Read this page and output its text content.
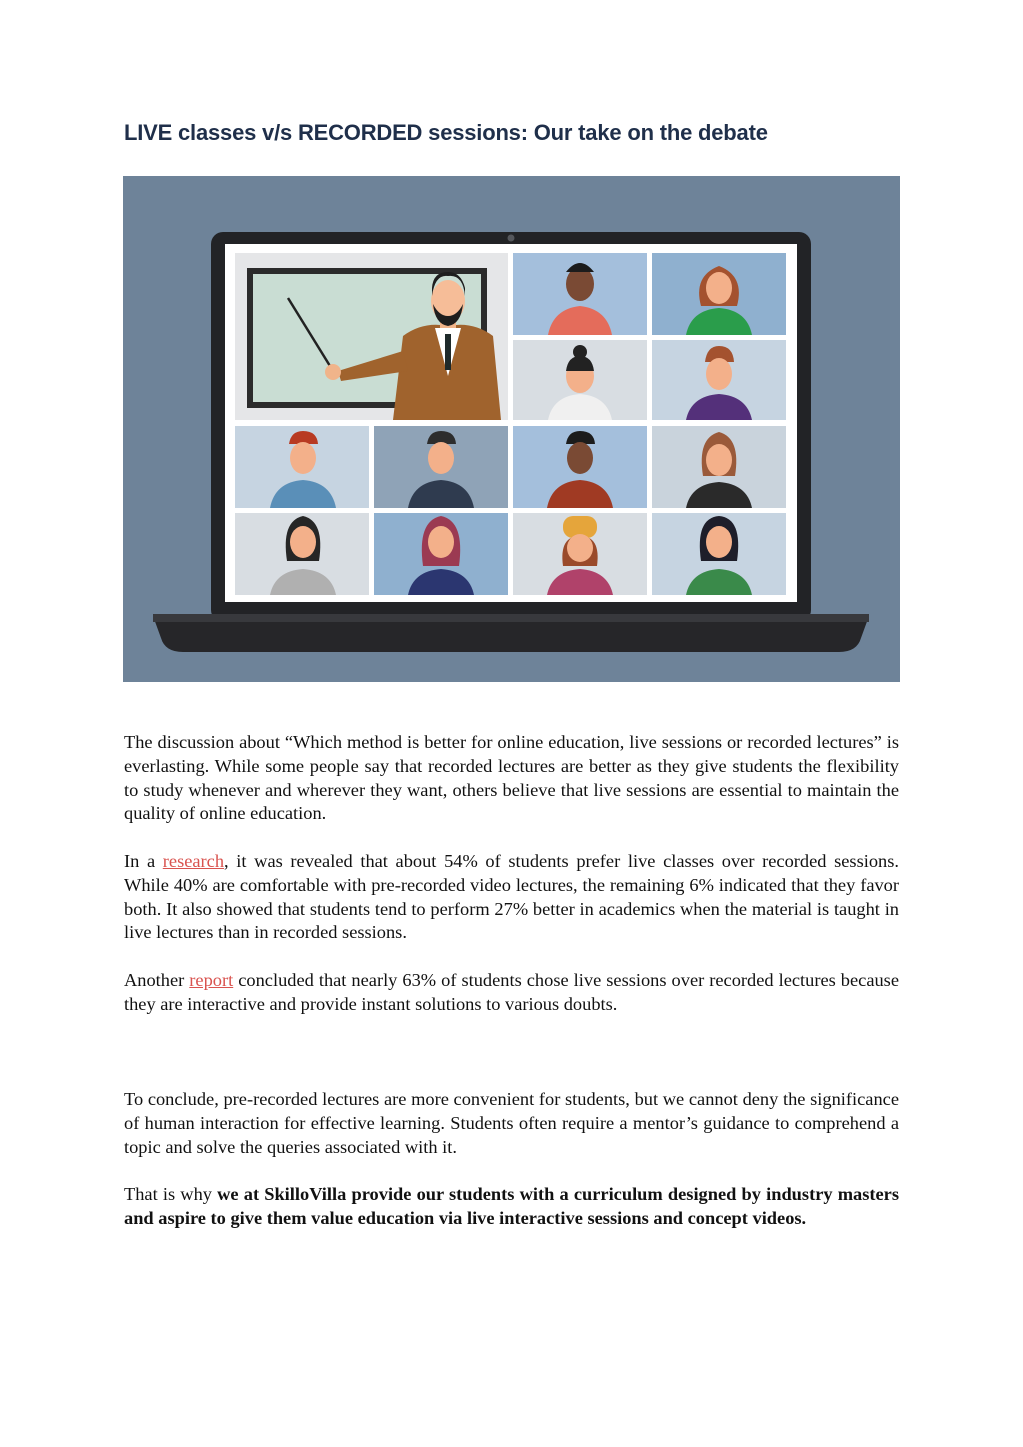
LIVE classes v/s RECORDED sessions: Our take on the debate

The discussion about “Which method is better for online education, live sessions or recorded lectures” is everlasting. While some people say that recorded lectures are better as they give students the flexibility to study whenever and wherever they want, others believe that live sessions are essential to maintain the quality of online education.

In a research, it was revealed that about 54% of students prefer live classes over recorded sessions. While 40% are comfortable with pre-recorded video lectures, the remaining 6% indicated that they favor both. It also showed that students tend to perform 27% better in academics when the material is taught in live lectures than in recorded sessions.

Another report concluded that nearly 63% of students chose live sessions over recorded lectures because they are interactive and provide instant solutions to various doubts.

To conclude, pre-recorded lectures are more convenient for students, but we cannot deny the significance of human interaction for effective learning. Students often require a mentor’s guidance to comprehend a topic and solve the queries associated with it.

That is why we at SkilloVilla provide our students with a curriculum designed by industry masters and aspire to give them value education via live interactive sessions and concept videos.
